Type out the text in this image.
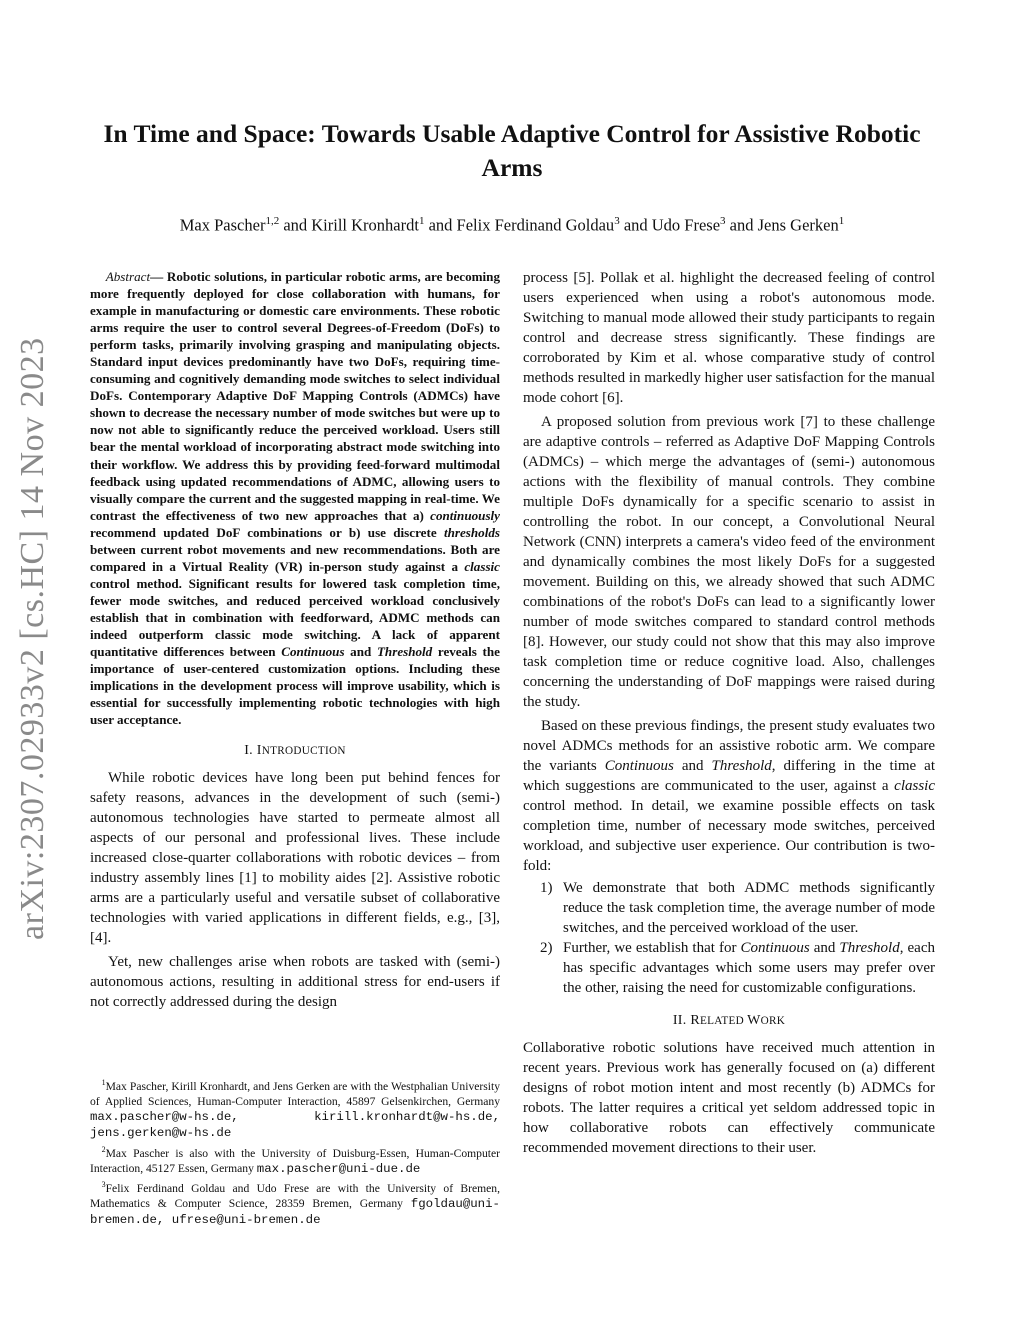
arXiv:2307.02933v2 [cs.HC] 14 Nov 2023
In Time and Space: Towards Usable Adaptive Control for Assistive Robotic Arms
Max Pascher$^{1,2}$ and Kirill Kronhardt$^1$ and Felix Ferdinand Goldau$^3$ and Udo Frese$^3$ and Jens Gerken$^1$

Abstract— Robotic solutions, in particular robotic arms, are becoming more frequently deployed for close collaboration with humans, for example in manufacturing or domestic care environments. These robotic arms require the user to control several Degrees-of-Freedom (DoFs) to perform tasks, primarily involving grasping and manipulating objects. Standard input devices predominantly have two DoFs, requiring time-consuming and cognitively demanding mode switches to select individual DoFs. Contemporary Adaptive DoF Mapping Controls (ADMCs) have shown to decrease the necessary number of mode switches but were up to now not able to significantly reduce the perceived workload. Users still bear the mental workload of incorporating abstract mode switching into their workflow. We address this by providing feed-forward multimodal feedback using updated recommendations of ADMC, allowing users to visually compare the current and the suggested mapping in real-time. We contrast the effectiveness of two new approaches that a) continuously recommend updated DoF combinations or b) use discrete thresholds between current robot movements and new recommendations. Both are compared in a Virtual Reality (VR) in-person study against a classic control method. Significant results for lowered task completion time, fewer mode switches, and reduced perceived workload conclusively establish that in combination with feedforward, ADMC methods can indeed outperform classic mode switching. A lack of apparent quantitative differences between Continuous and Threshold reveals the importance of user-centered customization options. Including these implications in the development process will improve usability, which is essential for successfully implementing robotic technologies with high user acceptance.

I. INTRODUCTION

While robotic devices have long been put behind fences for safety reasons, advances in the development of such (semi-) autonomous technologies have started to permeate almost all aspects of our personal and professional lives. These include increased close-quarter collaborations with robotic devices – from industry assembly lines [1] to mobility aides [2]. Assistive robotic arms are a particularly useful and versatile subset of collaborative technologies with varied applications in different fields, e.g., [3], [4].

Yet, new challenges arise when robots are tasked with (semi-) autonomous actions, resulting in additional stress for end-users if not correctly addressed during the design

$^1$Max Pascher, Kirill Kronhardt, and Jens Gerken are with the Westphalian University of Applied Sciences, Human-Computer Interaction, 45897 Gelsenkirchen, Germany max.pascher@w-hs.de,	kirill.kronhardt@w-hs.de, jens.gerken@w-hs.de

$^2$Max Pascher is also with the University of Duisburg-Essen, Human-Computer Interaction, 45127 Essen, Germany max.pascher@uni-due.de

$^3$Felix Ferdinand Goldau and Udo Frese are with the University of Bremen, Mathematics & Computer Science, 28359 Bremen, Germany fgoldau@uni-bremen.de, ufrese@uni-bremen.de

process [5]. Pollak et al. highlight the decreased feeling of control users experienced when using a robot's autonomous mode. Switching to manual mode allowed their study participants to regain control and decrease stress significantly. These findings are corroborated by Kim et al. whose comparative study of control methods resulted in markedly higher user satisfaction for the manual mode cohort [6].

A proposed solution from previous work [7] to these challenge are adaptive controls – referred as Adaptive DoF Mapping Controls (ADMCs) – which merge the advantages of (semi-) autonomous actions with the flexibility of manual controls. They combine multiple DoFs dynamically for a specific scenario to assist in controlling the robot. In our concept, a Convolutional Neural Network (CNN) interprets a camera's video feed of the environment and dynamically combines the most likely DoFs for a suggested movement. Building on this, we already showed that such ADMC combinations of the robot's DoFs can lead to a significantly lower number of mode switches compared to standard control methods [8]. However, our study could not show that this may also improve task completion time or reduce cognitive load. Also, challenges concerning the understanding of DoF mappings were raised during the study.

Based on these previous findings, the present study evaluates two novel ADMCs methods for an assistive robotic arm. We compare the variants Continuous and Threshold, differing in the time at which suggestions are communicated to the user, against a classic control method. In detail, we examine possible effects on task completion time, number of necessary mode switches, perceived workload, and subjective user experience. Our contribution is two-fold:

1) We demonstrate that both ADMC methods significantly reduce the task completion time, the average number of mode switches, and the perceived workload of the user.
2) Further, we establish that for Continuous and Threshold, each has specific advantages which some users may prefer over the other, raising the need for customizable configurations.
II. RELATED WORK

Collaborative robotic solutions have received much attention in recent years. Previous work has generally focused on (a) different designs of robot motion intent and most recently (b) ADMCs for robots. The latter requires a critical yet seldom addressed topic in how collaborative robots can effectively communicate recommended movement directions to their user.
